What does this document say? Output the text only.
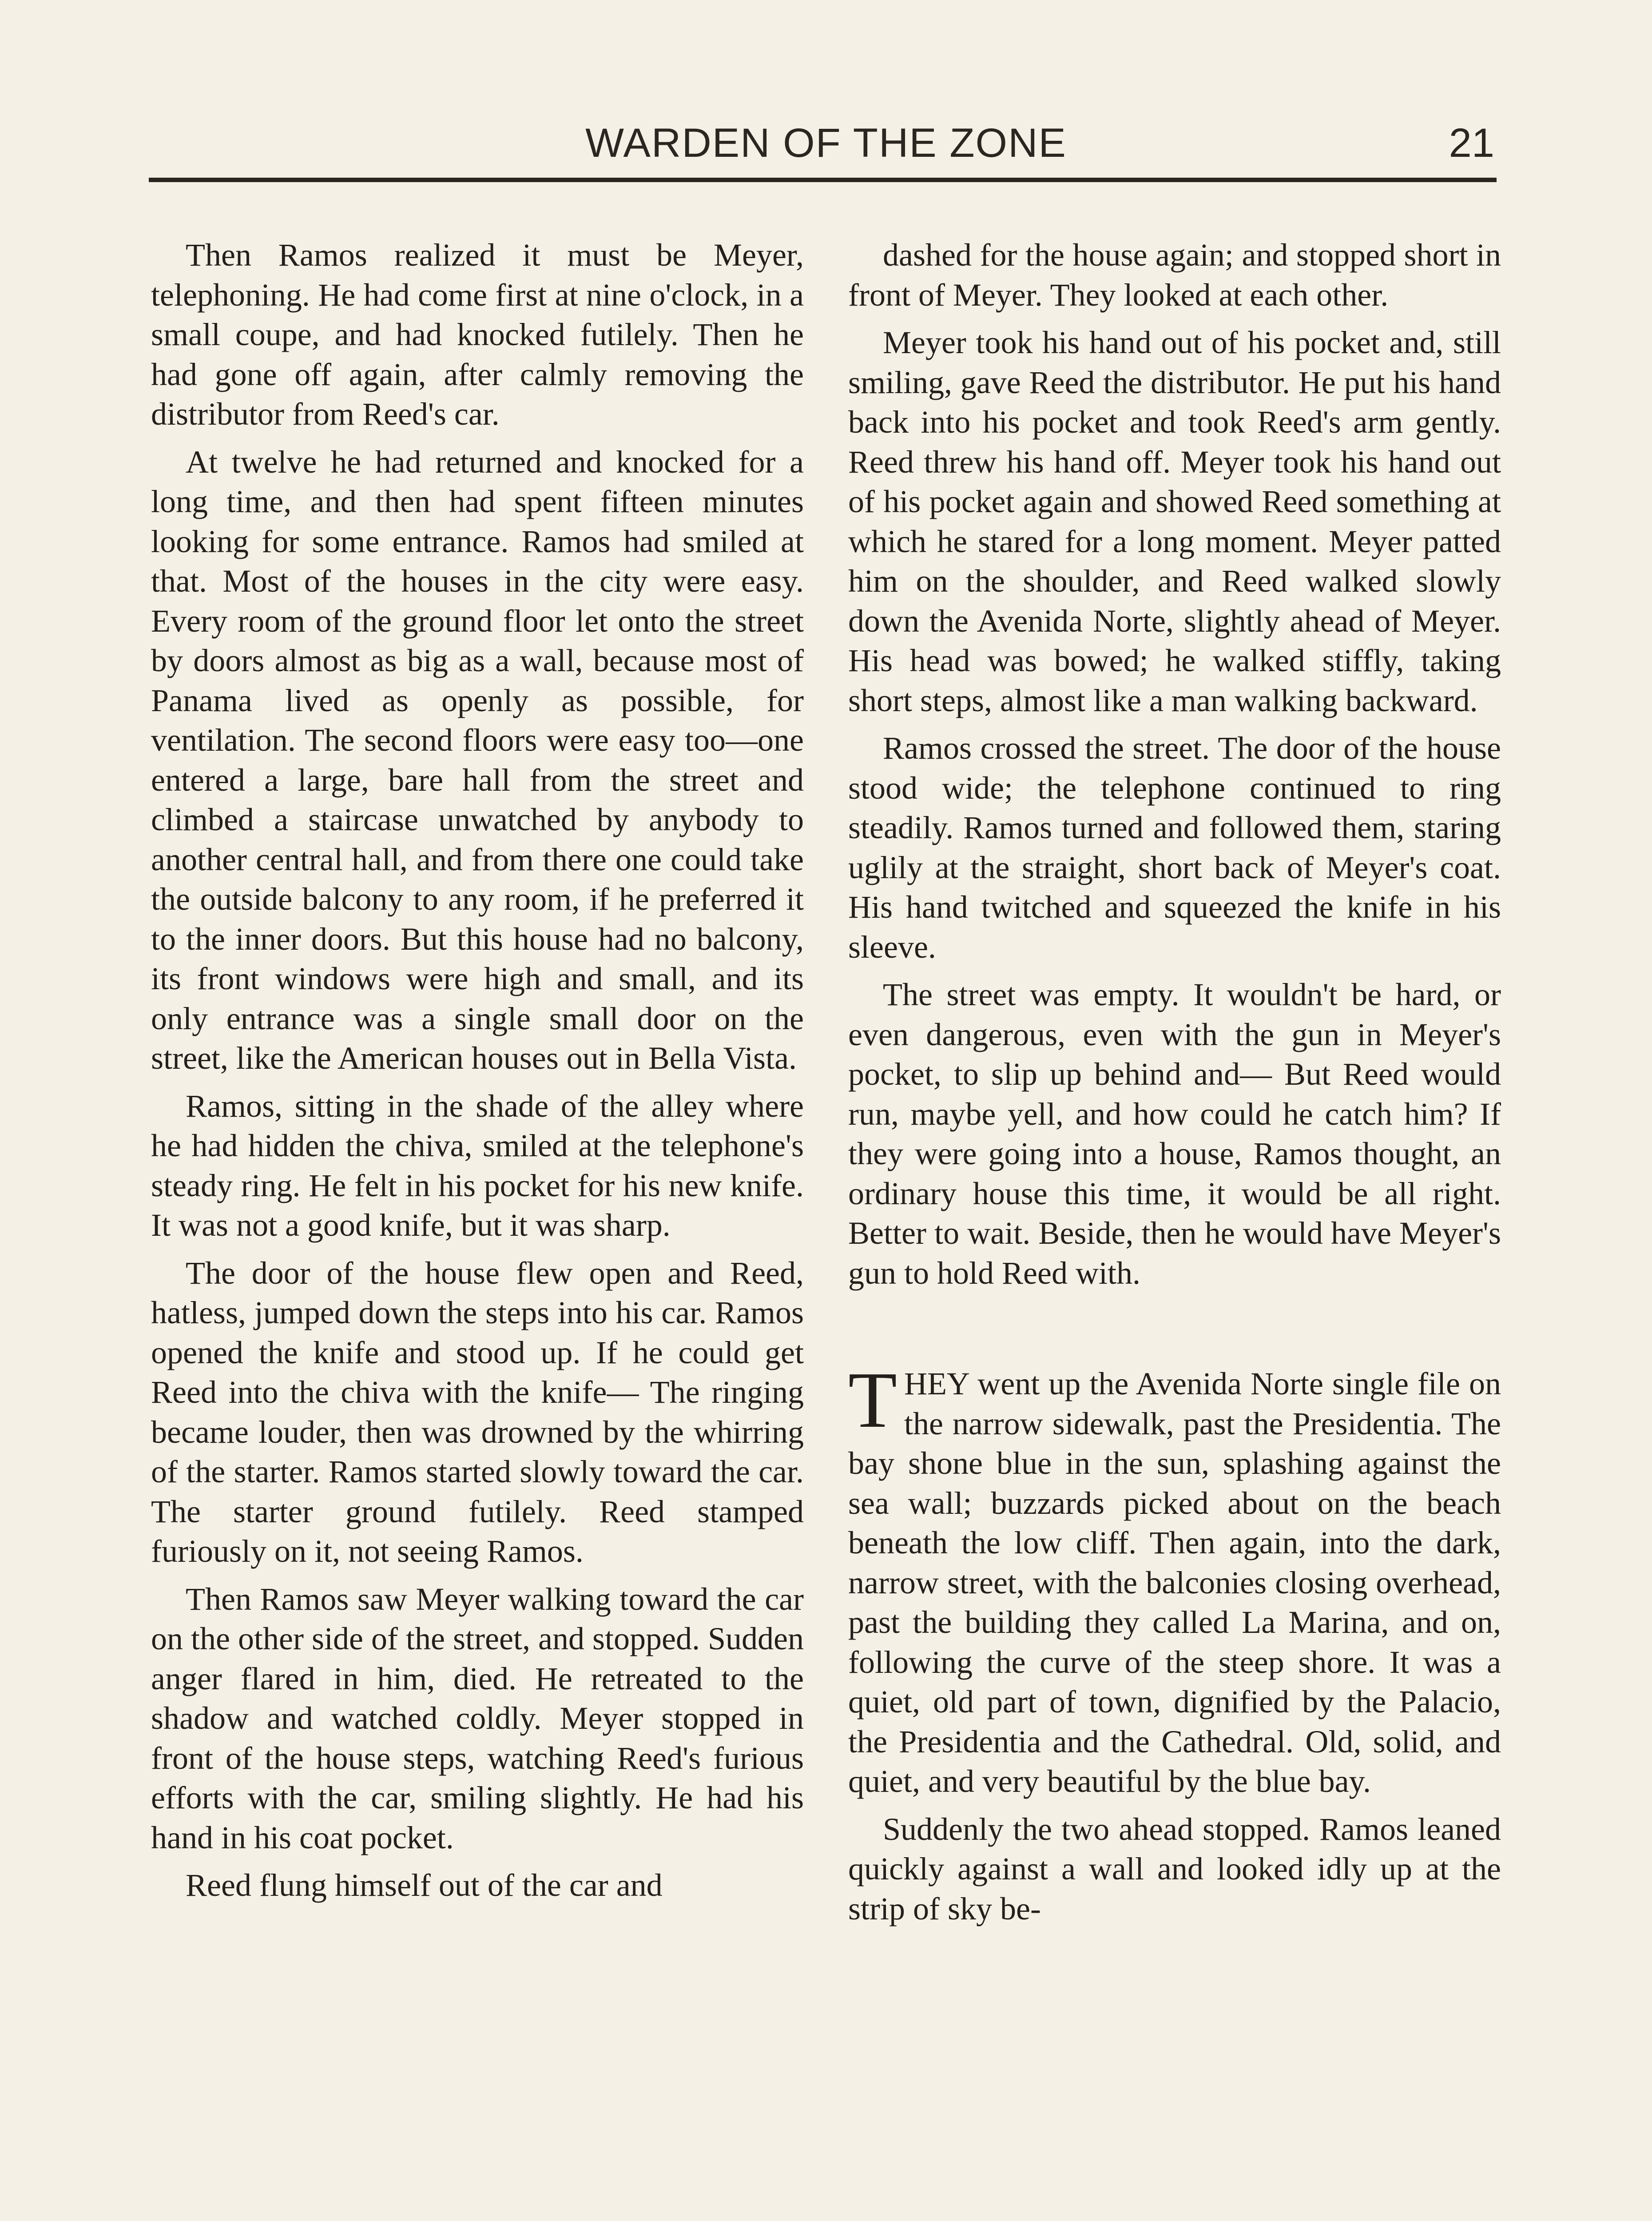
WARDEN OF THE ZONE	21

Then Ramos realized it must be Meyer, telephoning. He had come first at nine o'clock, in a small coupe, and had knocked futilely. Then he had gone off again, after calmly removing the distributor from Reed's car.

At twelve he had returned and knocked for a long time, and then had spent fifteen minutes looking for some entrance. Ramos had smiled at that. Most of the houses in the city were easy. Every room of the ground floor let onto the street by doors almost as big as a wall, because most of Panama lived as openly as possible, for ventilation. The second floors were easy too—one entered a large, bare hall from the street and climbed a staircase unwatched by anybody to another central hall, and from there one could take the outside balcony to any room, if he preferred it to the inner doors. But this house had no balcony, its front windows were high and small, and its only entrance was a single small door on the street, like the American houses out in Bella Vista.

Ramos, sitting in the shade of the alley where he had hidden the chiva, smiled at the telephone's steady ring. He felt in his pocket for his new knife. It was not a good knife, but it was sharp.

The door of the house flew open and Reed, hatless, jumped down the steps into his car. Ramos opened the knife and stood up. If he could get Reed into the chiva with the knife— The ringing became louder, then was drowned by the whirring of the starter. Ramos started slowly toward the car. The starter ground futilely. Reed stamped furiously on it, not seeing Ramos.

Then Ramos saw Meyer walking toward the car on the other side of the street, and stopped. Sudden anger flared in him, died. He retreated to the shadow and watched coldly. Meyer stopped in front of the house steps, watching Reed's furious efforts with the car, smiling slightly. He had his hand in his coat pocket.

Reed flung himself out of the car and

dashed for the house again; and stopped short in front of Meyer. They looked at each other.

Meyer took his hand out of his pocket and, still smiling, gave Reed the distributor. He put his hand back into his pocket and took Reed's arm gently. Reed threw his hand off. Meyer took his hand out of his pocket again and showed Reed something at which he stared for a long moment. Meyer patted him on the shoulder, and Reed walked slowly down the Avenida Norte, slightly ahead of Meyer. His head was bowed; he walked stiffly, taking short steps, almost like a man walking backward.

Ramos crossed the street. The door of the house stood wide; the telephone continued to ring steadily. Ramos turned and followed them, staring uglily at the straight, short back of Meyer's coat. His hand twitched and squeezed the knife in his sleeve.

The street was empty. It wouldn't be hard, or even dangerous, even with the gun in Meyer's pocket, to slip up behind and— But Reed would run, maybe yell, and how could he catch him? If they were going into a house, Ramos thought, an ordinary house this time, it would be all right. Better to wait. Beside, then he would have Meyer's gun to hold Reed with.

THEY went up the Avenida Norte single file on the narrow sidewalk, past the Presidentia. The bay shone blue in the sun, splashing against the sea wall; buzzards picked about on the beach beneath the low cliff. Then again, into the dark, narrow street, with the balconies closing overhead, past the building they called La Marina, and on, following the curve of the steep shore. It was a quiet, old part of town, dignified by the Palacio, the Presidentia and the Cathedral. Old, solid, and quiet, and very beautiful by the blue bay.

Suddenly the two ahead stopped. Ramos leaned quickly against a wall and looked idly up at the strip of sky be-
